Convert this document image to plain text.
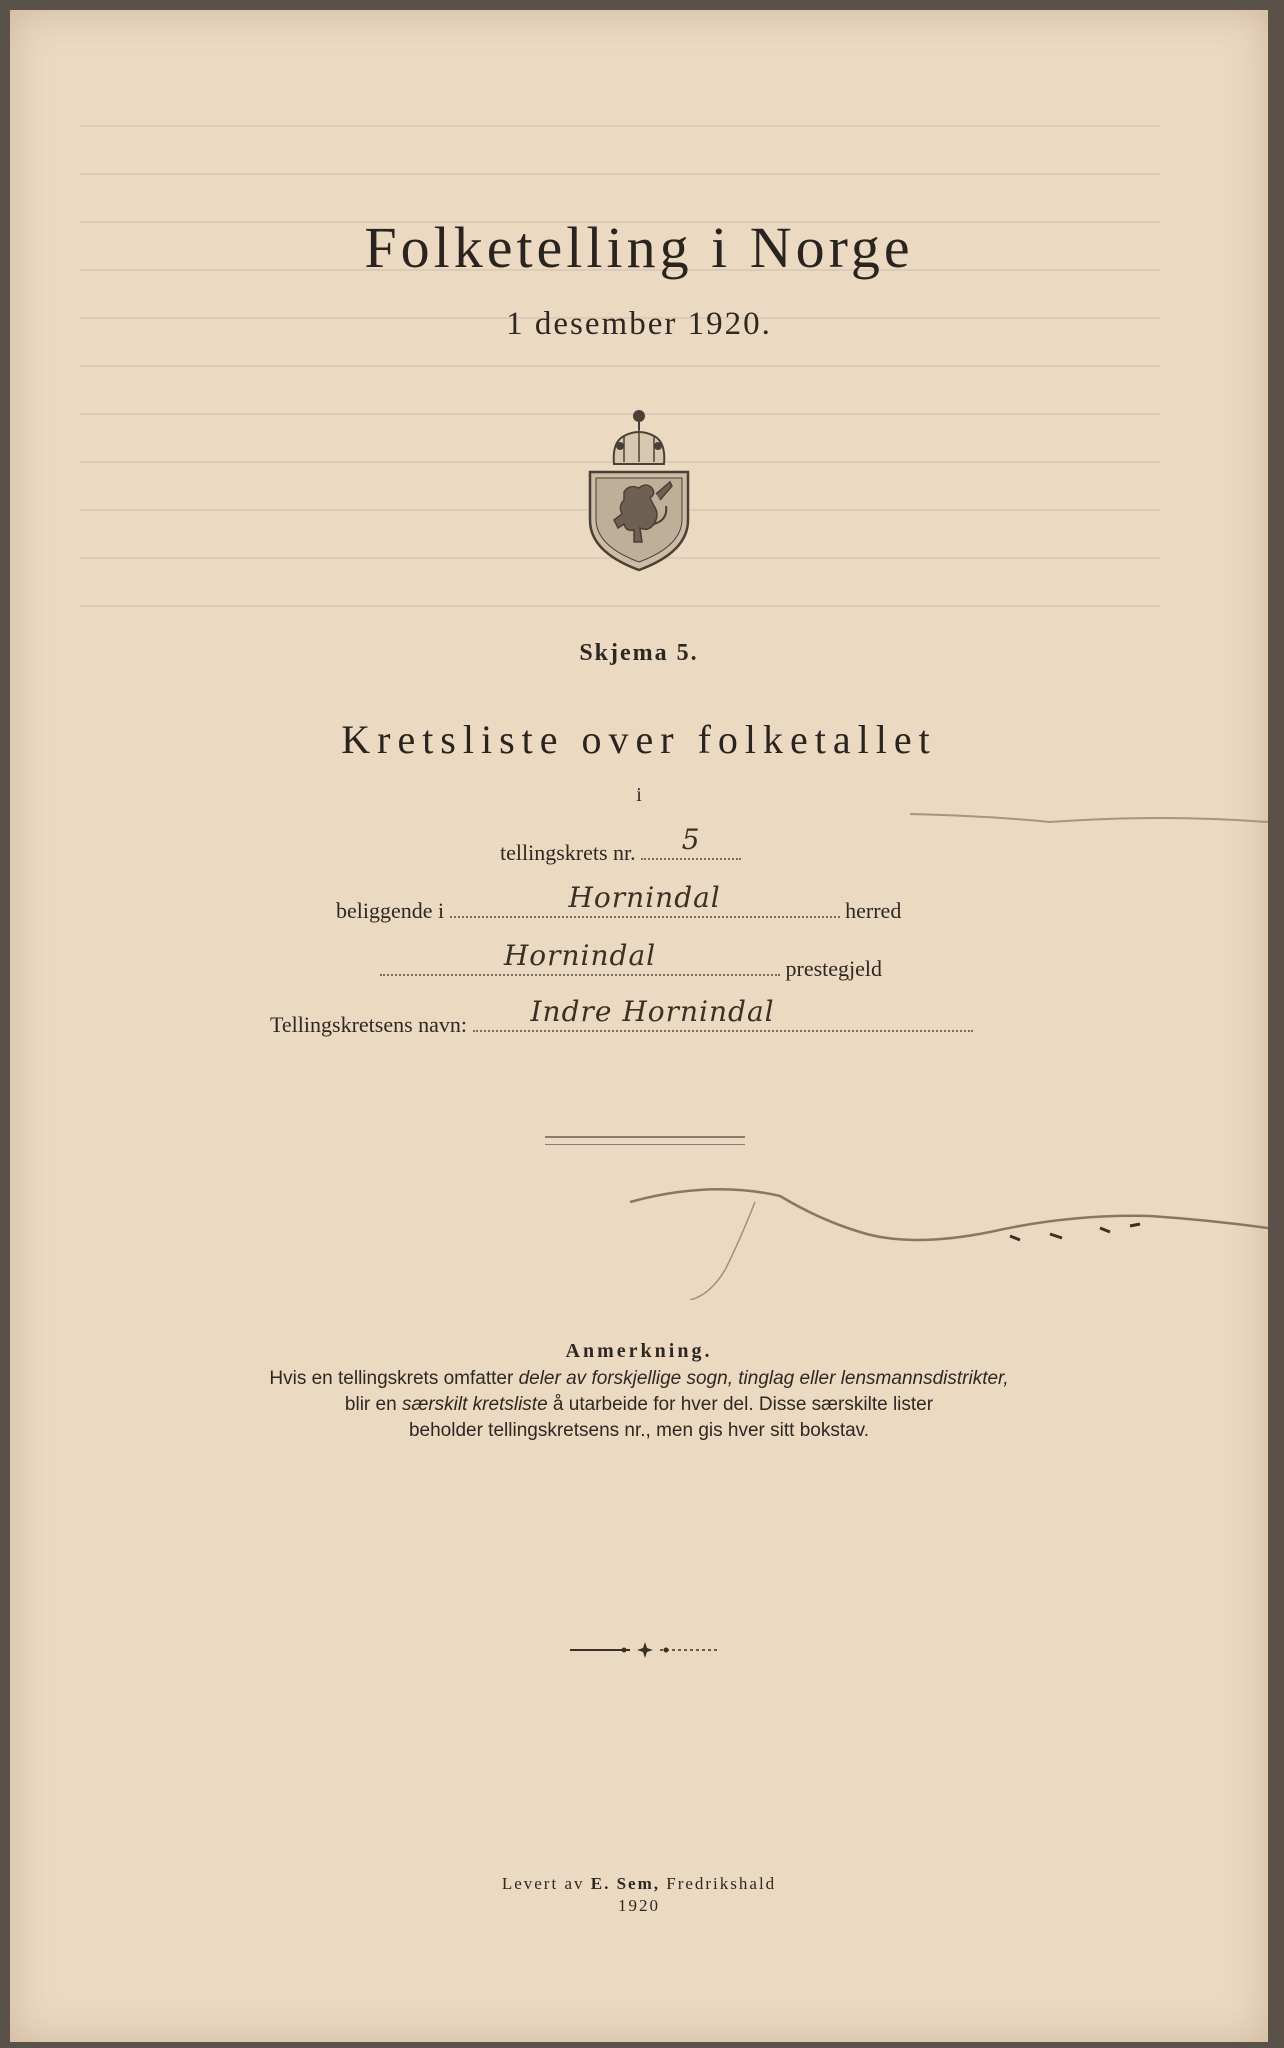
Folketelling i Norge
1 desember 1920.
Skjema 5.
Kretsliste over folketallet
i
tellingskrets nr. 5
beliggende i	Hornindal	herred
Hornindal	prestegjeld
Tellingskretsens navn: Indre Hornindal
Anmerkning.
Hvis en tellingskrets omfatter deler av forskjellige sogn, tinglag eller lensmannsdistrikter,
blir en særskilt kretsliste å utarbeide for hver del. Disse særskilte lister
beholder tellingskretsens nr., men gis hver sitt bokstav.
Levert av E. Sem, Fredrikshald
1920
